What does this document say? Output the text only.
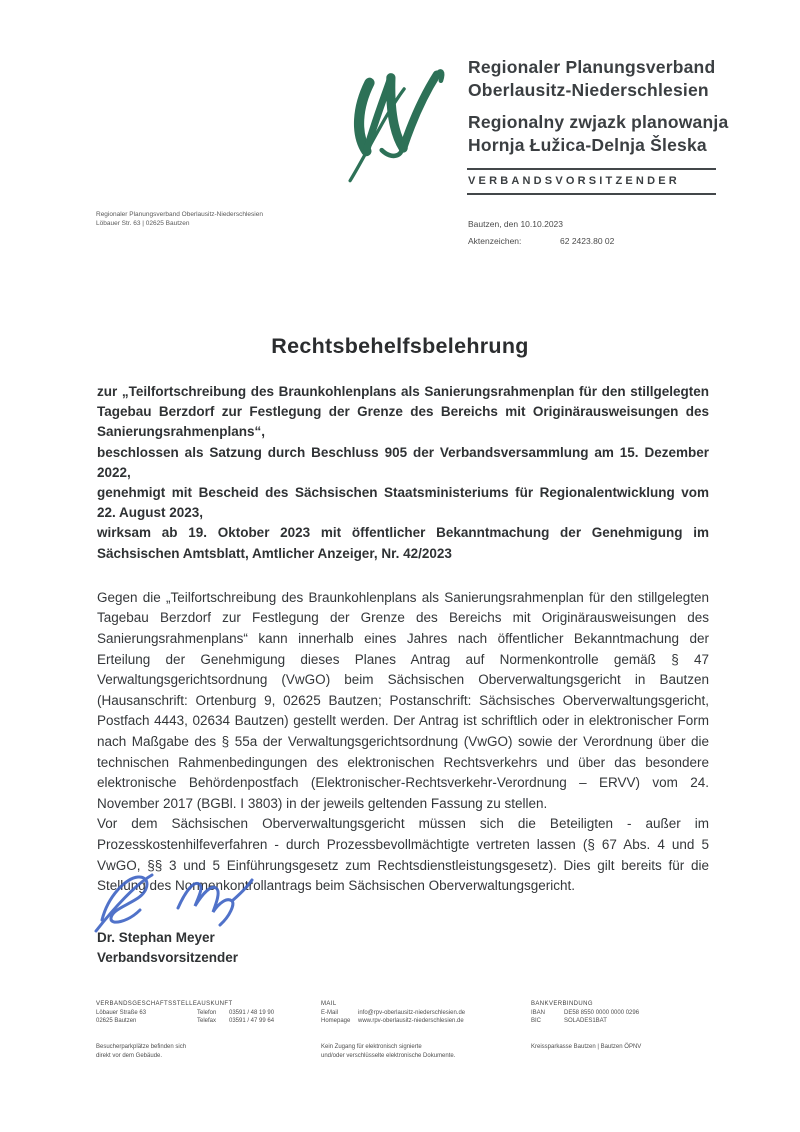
Regionaler Planungsverband
Oberlausitz-Niederschlesien
Regionalny zwjazk planowanja
Hornja Łužica-Delnja Šleska
VERBANDSVORSITZENDER
Regionaler Planungsverband Oberlausitz-Niederschlesien
Löbauer Str. 63 | 02625 Bautzen	Bautzen, den 10.10.2023
Aktenzeichen:	62 2423.80 02
Rechtsbehelfsbelehrung
zur „Teilfortschreibung des Braunkohlenplans als Sanierungsrahmenplan für den stillgelegten Tagebau Berzdorf zur Festlegung der Grenze des Bereichs mit Originärausweisungen des Sanierungsrahmenplans“,
beschlossen als Satzung durch Beschluss 905 der Verbandsversammlung am 15. Dezember 2022,
genehmigt mit Bescheid des Sächsischen Staatsministeriums für Regionalentwicklung vom 22. August 2023,
wirksam ab 19. Oktober 2023 mit öffentlicher Bekanntmachung der Genehmigung im Sächsischen Amtsblatt, Amtlicher Anzeiger, Nr. 42/2023

Gegen die „Teilfortschreibung des Braunkohlenplans als Sanierungsrahmenplan für den stillgelegten Tagebau Berzdorf zur Festlegung der Grenze des Bereichs mit Originärausweisungen des Sanierungsrahmenplans“ kann innerhalb eines Jahres nach öffentlicher Bekanntmachung der Erteilung der Genehmigung dieses Planes Antrag auf Normenkontrolle gemäß § 47 Verwaltungsgerichtsordnung (VwGO) beim Sächsischen Oberverwaltungsgericht in Bautzen (Hausanschrift: Ortenburg 9, 02625 Bautzen; Postanschrift: Sächsisches Oberverwaltungsgericht, Postfach 4443, 02634 Bautzen) gestellt werden. Der Antrag ist schriftlich oder in elektronischer Form nach Maßgabe des § 55a der Verwaltungsgerichtsordnung (VwGO) sowie der Verordnung über die technischen Rahmenbedingungen des elektronischen Rechtsverkehrs und über das besondere elektronische Behördenpostfach (Elektronischer-Rechtsverkehr-Verordnung – ERVV) vom 24. November 2017 (BGBl. I 3803) in der jeweils geltenden Fassung zu stellen.

Vor dem Sächsischen Oberverwaltungsgericht müssen sich die Beteiligten - außer im Prozesskostenhilfeverfahren - durch Prozessbevollmächtigte vertreten lassen (§ 67 Abs. 4 und 5 VwGO, §§ 3 und 5 Einführungsgesetz zum Rechtsdienstleistungsgesetz). Dies gilt bereits für die Stellung des Normenkontrollantrags beim Sächsischen Oberverwaltungsgericht.

Dr. Stephan Meyer
Verbandsvorsitzender
VERBANDSGESCHÄFTSSTELLE
Löbauer Straße 63
02625 Bautzen
AUSKUNFT
Telefon 03591 / 48 19 90
Telefax 03591 / 47 99 64
MAIL
E-Mail	info@rpv-oberlausitz-niederschlesien.de
Homepage www.rpv-oberlausitz-niederschlesien.de
BANKVERBINDUNG
IBAN	DE58 8550 0000 0000 0296
BIC	SOLADES1BAT
Besucherparkplätze befinden sich
direkt vor dem Gebäude.
Kein Zugang für elektronisch signierte
und/oder verschlüsselte elektronische Dokumente.
Kreissparkasse Bautzen | Bautzen ÖPNV
